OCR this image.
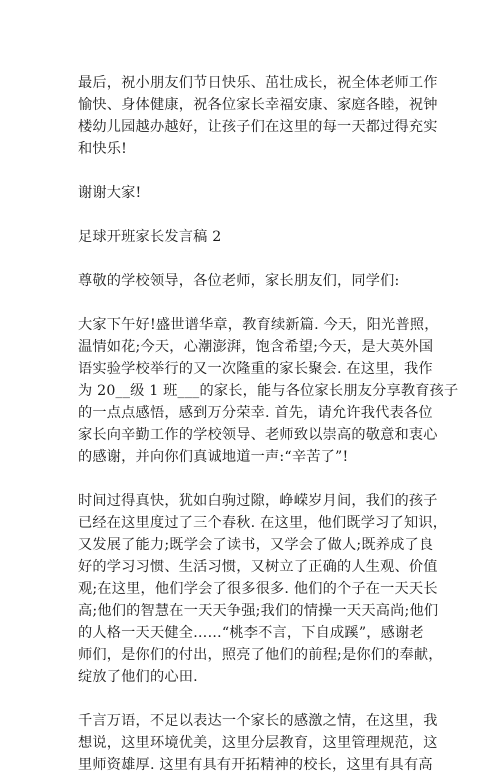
最后，祝小朋友们节日快乐、茁壮成长，祝全体老师工作
愉快、身体健康，祝各位家长幸福安康、家庭各睦，祝钟
楼幼儿园越办越好，让孩子们在这里的每一天都过得充实
和快乐!

谢谢大家!

足球开班家长发言稿 2

尊敬的学校领导，各位老师，家长朋友们，同学们:

大家下午好!盛世谱华章，教育续新篇. 今天，阳光普照，
温情如花;今天，心潮澎湃，饱含希望;今天，是大英外国
语实验学校举行的又一次隆重的家长聚会. 在这里，我作
为 20__级 1 班___的家长，能与各位家长朋友分享教育孩子
的一点点感悟，感到万分荣幸. 首先，请允许我代表各位
家长向辛勤工作的学校领导、老师致以崇高的敬意和衷心
的感谢，并向你们真诚地道一声:“辛苦了”!

时间过得真快，犹如白驹过隙，峥嵘岁月间，我们的孩子
已经在这里度过了三个春秋. 在这里，他们既学习了知识，
又发展了能力;既学会了读书，又学会了做人;既养成了良
好的学习习惯、生活习惯，又树立了正确的人生观、价值
观;在这里，他们学会了很多很多. 他们的个子在一天天长
高;他们的智慧在一天天争强;我们的情操一天天高尚;他们
的人格一天天健全……“桃李不言，下自成蹊”，感谢老
师们，是你们的付出，照亮了他们的前程;是你们的奉献，
绽放了他们的心田.

千言万语，不足以表达一个家长的感激之情，在这里，我
想说，这里环境优美，这里分层教育，这里管理规范，这
里师资雄厚. 这里有具有开拓精神的校长，这里有具有高
